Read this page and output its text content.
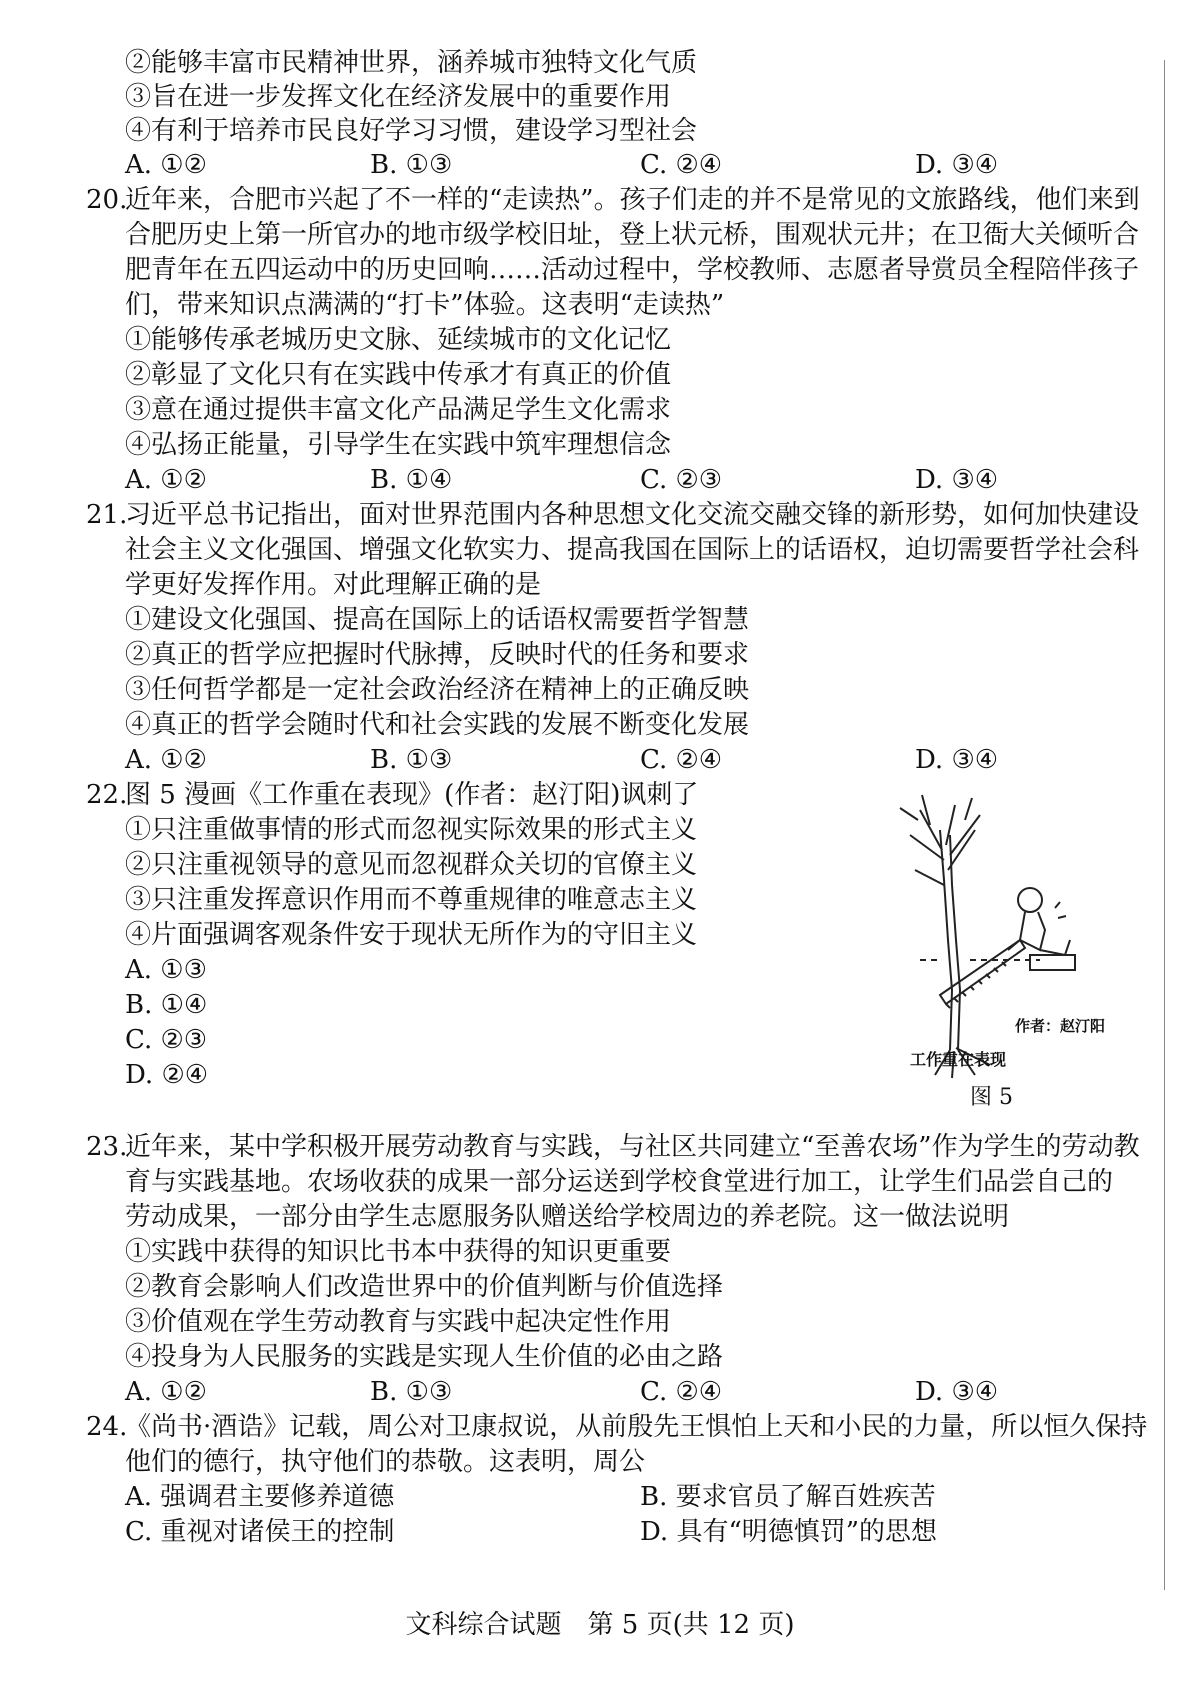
②能够丰富市民精神世界，涵养城市独特文化气质
③旨在进一步发挥文化在经济发展中的重要作用
④有利于培养市民良好学习习惯，建设学习型社会
A. ①②	B. ①③	C. ②④	D. ③④
20.
近年来，合肥市兴起了不一样的“走读热”。孩子们走的并不是常见的文旅路线，他们来到
合肥历史上第一所官办的地市级学校旧址，登上状元桥，围观状元井；在卫衙大关倾听合
肥青年在五四运动中的历史回响……活动过程中，学校教师、志愿者导赏员全程陪伴孩子
们，带来知识点满满的“打卡”体验。这表明“走读热”
①能够传承老城历史文脉、延续城市的文化记忆
②彰显了文化只有在实践中传承才有真正的价值
③意在通过提供丰富文化产品满足学生文化需求
④弘扬正能量，引导学生在实践中筑牢理想信念
A. ①②	B. ①④	C. ②③	D. ③④
21.
习近平总书记指出，面对世界范围内各种思想文化交流交融交锋的新形势，如何加快建设
社会主义文化强国、增强文化软实力、提高我国在国际上的话语权，迫切需要哲学社会科
学更好发挥作用。对此理解正确的是
①建设文化强国、提高在国际上的话语权需要哲学智慧
②真正的哲学应把握时代脉搏，反映时代的任务和要求
③任何哲学都是一定社会政治经济在精神上的正确反映
④真正的哲学会随时代和社会实践的发展不断变化发展
A. ①②	B. ①③	C. ②④	D. ③④
22.
图 5 漫画《工作重在表现》(作者：赵汀阳)讽刺了
①只注重做事情的形式而忽视实际效果的形式主义
②只注重视领导的意见而忽视群众关切的官僚主义
③只注重发挥意识作用而不尊重规律的唯意志主义
④片面强调客观条件安于现状无所作为的守旧主义
A. ①③
B. ①④
C. ②③
D. ②④
作者：赵汀阳
工作重在表现
图 5
23.
近年来，某中学积极开展劳动教育与实践，与社区共同建立“至善农场”作为学生的劳动教
育与实践基地。农场收获的成果一部分运送到学校食堂进行加工，让学生们品尝自己的
劳动成果，一部分由学生志愿服务队赠送给学校周边的养老院。这一做法说明
①实践中获得的知识比书本中获得的知识更重要
②教育会影响人们改造世界中的价值判断与价值选择
③价值观在学生劳动教育与实践中起决定性作用
④投身为人民服务的实践是实现人生价值的必由之路
A. ①②	B. ①③	C. ②④	D. ③④
24.
《尚书·酒诰》记载，周公对卫康叔说，从前殷先王惧怕上天和小民的力量，所以恒久保持
他们的德行，执守他们的恭敬。这表明，周公
A. 强调君主要修养道德	B. 要求官员了解百姓疾苦
C. 重视对诸侯王的控制	D. 具有“明德慎罚”的思想
文科综合试题　第 5 页(共 12 页)
